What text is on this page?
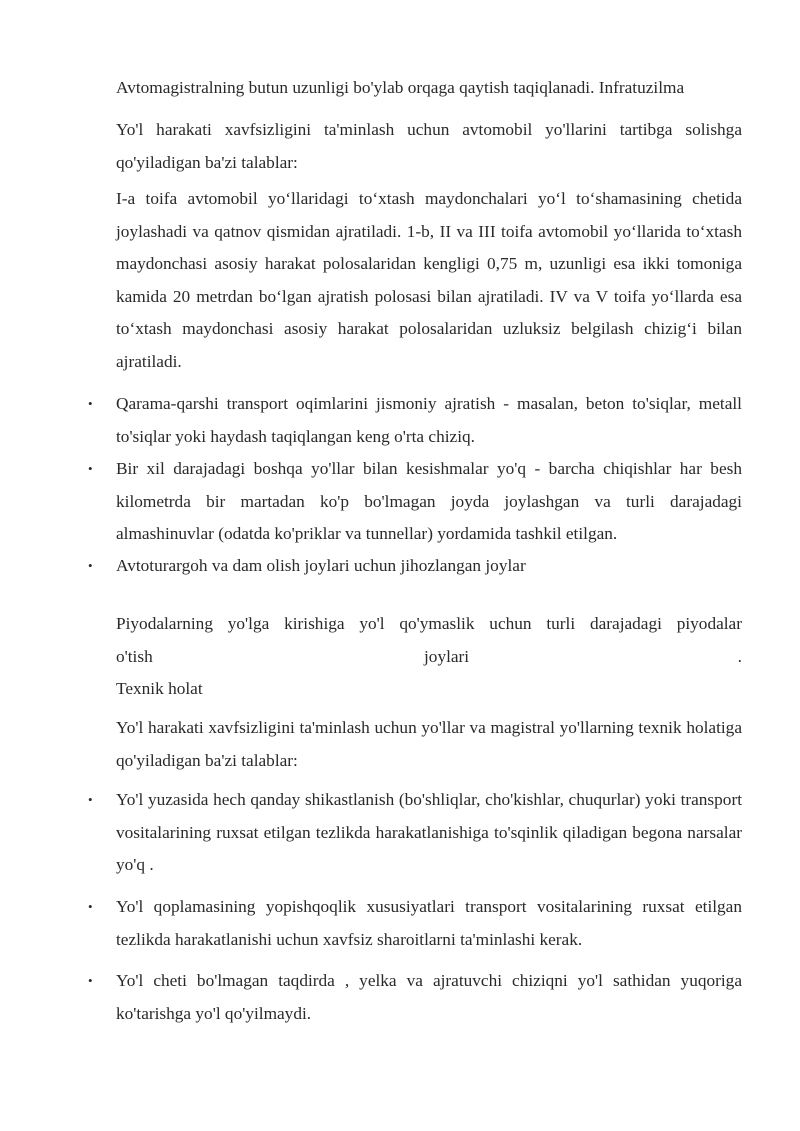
Avtomagistralning butun uzunligi bo'ylab orqaga qaytish taqiqlanadi. Infratuzilma

Yo'l harakati xavfsizligini ta'minlash uchun avtomobil yo'llarini tartibga solishga qo'yiladigan ba'zi talablar:

I-a toifa avtomobil yo‘llaridagi to‘xtash maydonchalari yo‘l to‘shamasining chetida joylashadi va qatnov qismidan ajratiladi. 1-b, II va III toifa avtomobil yo‘llarida to‘xtash maydonchasi asosiy harakat polosalaridan kengligi 0,75 m, uzunligi esa ikki tomoniga kamida 20 metrdan bo‘lgan ajratish polosasi bilan ajratiladi. IV va V toifa yo‘llarda esa to‘xtash maydonchasi asosiy harakat polosalaridan uzluksiz belgilash chizig‘i bilan ajratiladi.

•	Qarama-qarshi transport oqimlarini jismoniy ajratish - masalan, beton to'siqlar, metall to'siqlar yoki haydash taqiqlangan keng o'rta chiziq.

•	Bir xil darajadagi boshqa yo'llar bilan kesishmalar yo'q - barcha chiqishlar har besh kilometrda bir martadan ko'p bo'lmagan joyda joylashgan va turli darajadagi almashinuvlar (odatda ko'priklar va tunnellar) yordamida tashkil etilgan.

•	Avtoturargoh va dam olish joylari uchun jihozlangan joylar

Piyodalarning yo'lga kirishiga yo'l qo'ymaslik uchun turli darajadagi piyodalar

o'tish	joylari	.

Texnik holat

Yo'l harakati xavfsizligini ta'minlash uchun yo'llar va magistral yo'llarning texnik holatiga qo'yiladigan ba'zi talablar:

•	Yo'l yuzasida hech qanday shikastlanish (bo'shliqlar, cho'kishlar, chuqurlar) yoki transport vositalarining ruxsat etilgan tezlikda harakatlanishiga to'sqinlik qiladigan begona narsalar yo'q .

•	Yo'l qoplamasining yopishqoqlik xususiyatlari transport vositalarining ruxsat etilgan tezlikda harakatlanishi uchun xavfsiz sharoitlarni ta'minlashi kerak.

•	Yo'l cheti bo'lmagan taqdirda , yelka va ajratuvchi chiziqni yo'l sathidan yuqoriga ko'tarishga yo'l qo'yilmaydi.
